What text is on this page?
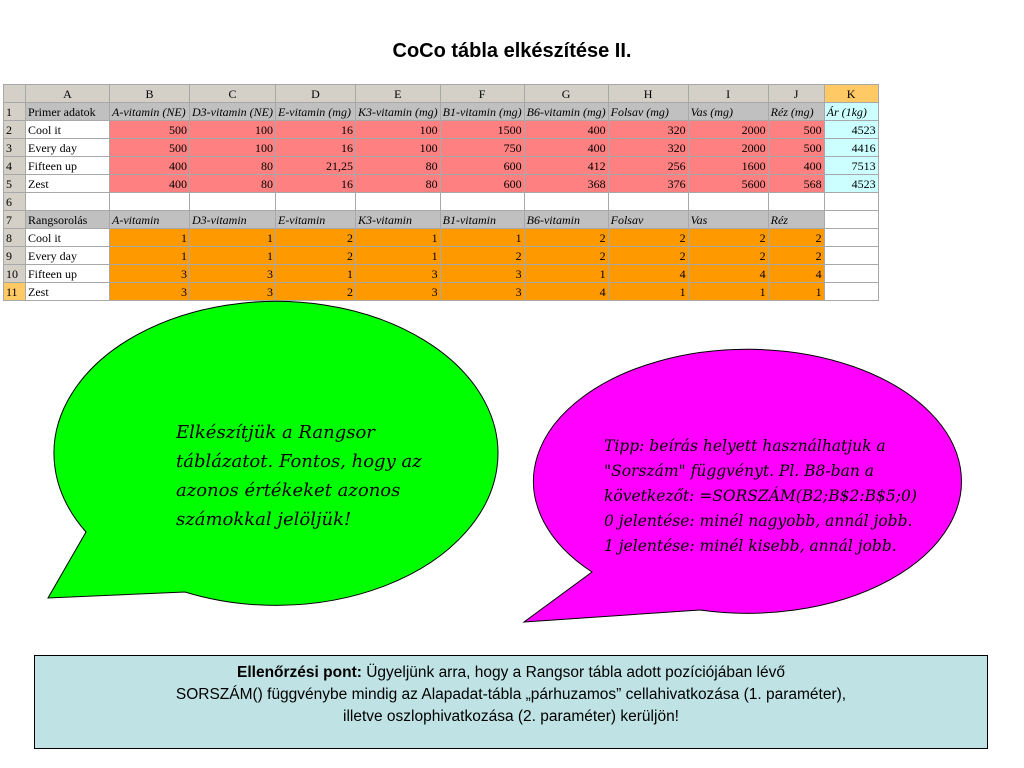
CoCo tábla elkészítése II.
	A	B	C	D	E	F	G	H	I	J	K
1	Primer adatok	A-vitamin (NE)	D3-vitamin (NE)	E-vitamin (mg)	K3-vitamin (mg)	B1-vitamin (mg)	B6-vitamin (mg)	Folsav (mg)	Vas (mg)	Réz (mg)	Ár (1kg)
2	Cool it	500	100	16	100	1500	400	320	2000	500	4523
3	Every day	500	100	16	100	750	400	320	2000	500	4416
4	Fifteen up	400	80	21,25	80	600	412	256	1600	400	7513
5	Zest	400	80	16	80	600	368	376	5600	568	4523
6											
7	Rangsorolás	A-vitamin	D3-vitamin	E-vitamin	K3-vitamin	B1-vitamin	B6-vitamin	Folsav	Vas	Réz	
8	Cool it	1	1	2	1	1	2	2	2	2	
9	Every day	1	1	2	1	2	2	2	2	2	
10	Fifteen up	3	3	1	3	3	1	4	4	4	
11	Zest	3	3	2	3	3	4	1	1	1	
Elkészítjük a Rangsor
táblázatot. Fontos, hogy az
azonos értékeket azonos
számokkal jelöljük!
Tipp: beírás helyett használhatjuk a
"Sorszám" függvényt. Pl. B8-ban a
következőt: =SORSZÁM(B2;B$2:B$5;0)
0 jelentése: minél nagyobb, annál jobb.
1 jelentése: minél kisebb, annál jobb.
Ellenőrzési pont: Ügyeljünk arra, hogy a Rangsor tábla adott pozíciójában lévő
SORSZÁM() függvénybe mindig az Alapadat-tábla „párhuzamos” cellahivatkozása (1. paraméter),
illetve oszlophivatkozása (2. paraméter) kerüljön!
